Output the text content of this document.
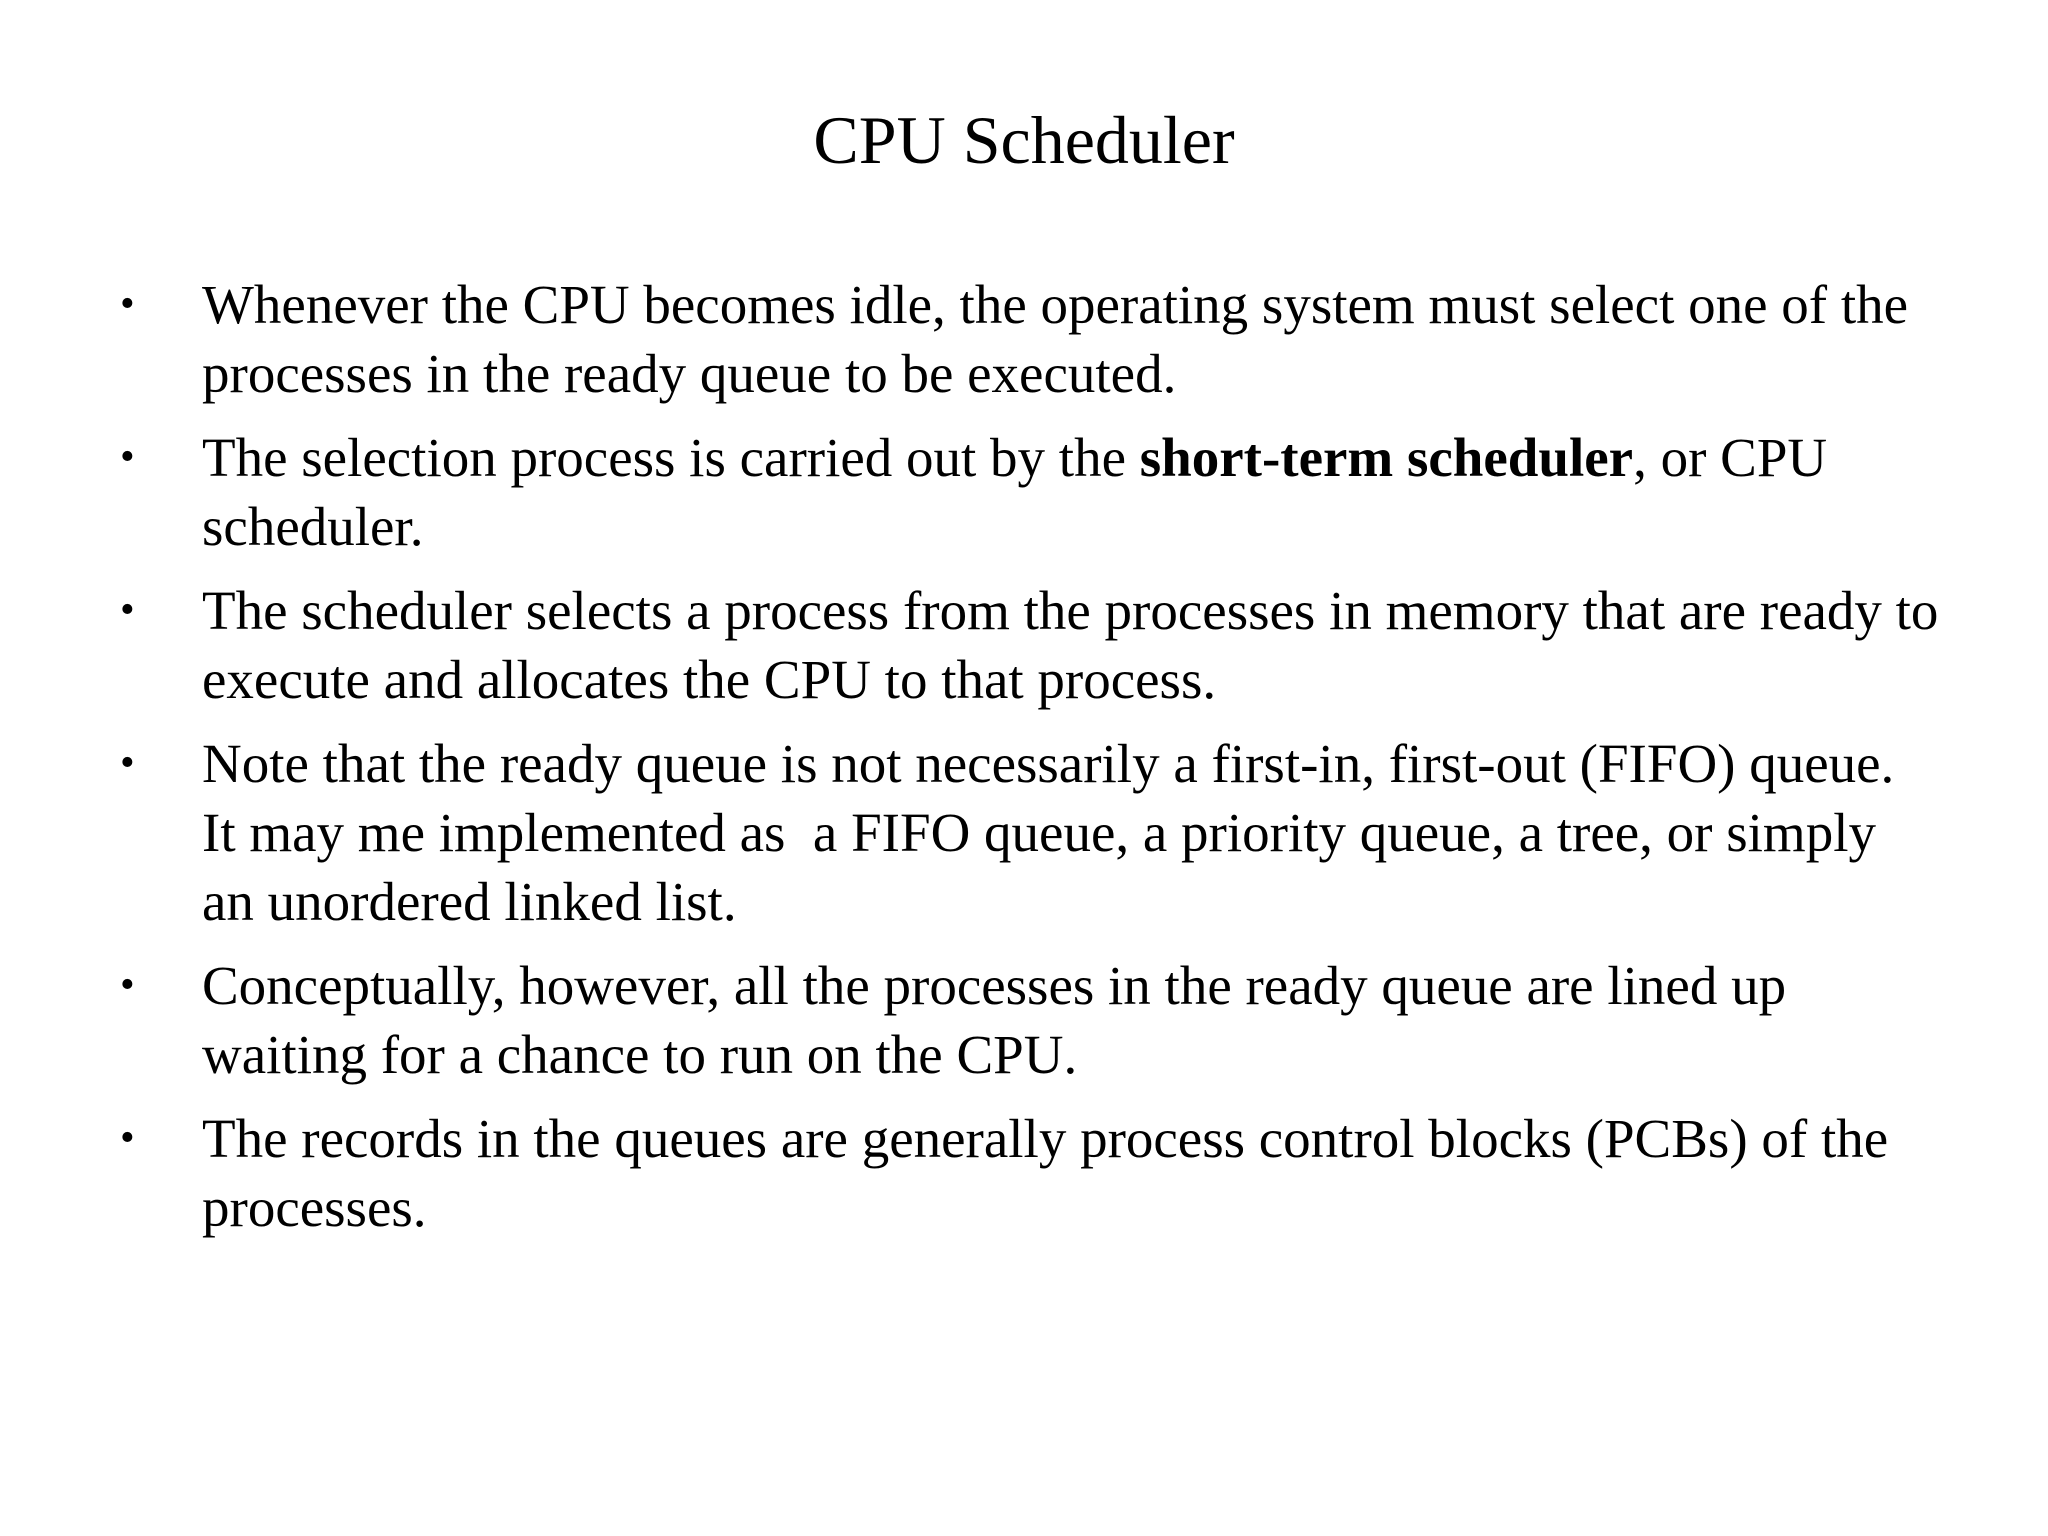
CPU Scheduler
• Whenever the CPU becomes idle, the operating system must select one of the processes in the ready queue to be executed.
• The selection process is carried out by the short-term scheduler, or CPU scheduler.
• The scheduler selects a process from the processes in memory that are ready to execute and allocates the CPU to that process.
• Note that the ready queue is not necessarily a first-in, first-out (FIFO) queue. It may me implemented as  a FIFO queue, a priority queue, a tree, or simply an unordered linked list.
• Conceptually, however, all the processes in the ready queue are lined up waiting for a chance to run on the CPU.
• The records in the queues are generally process control blocks (PCBs) of the processes.
